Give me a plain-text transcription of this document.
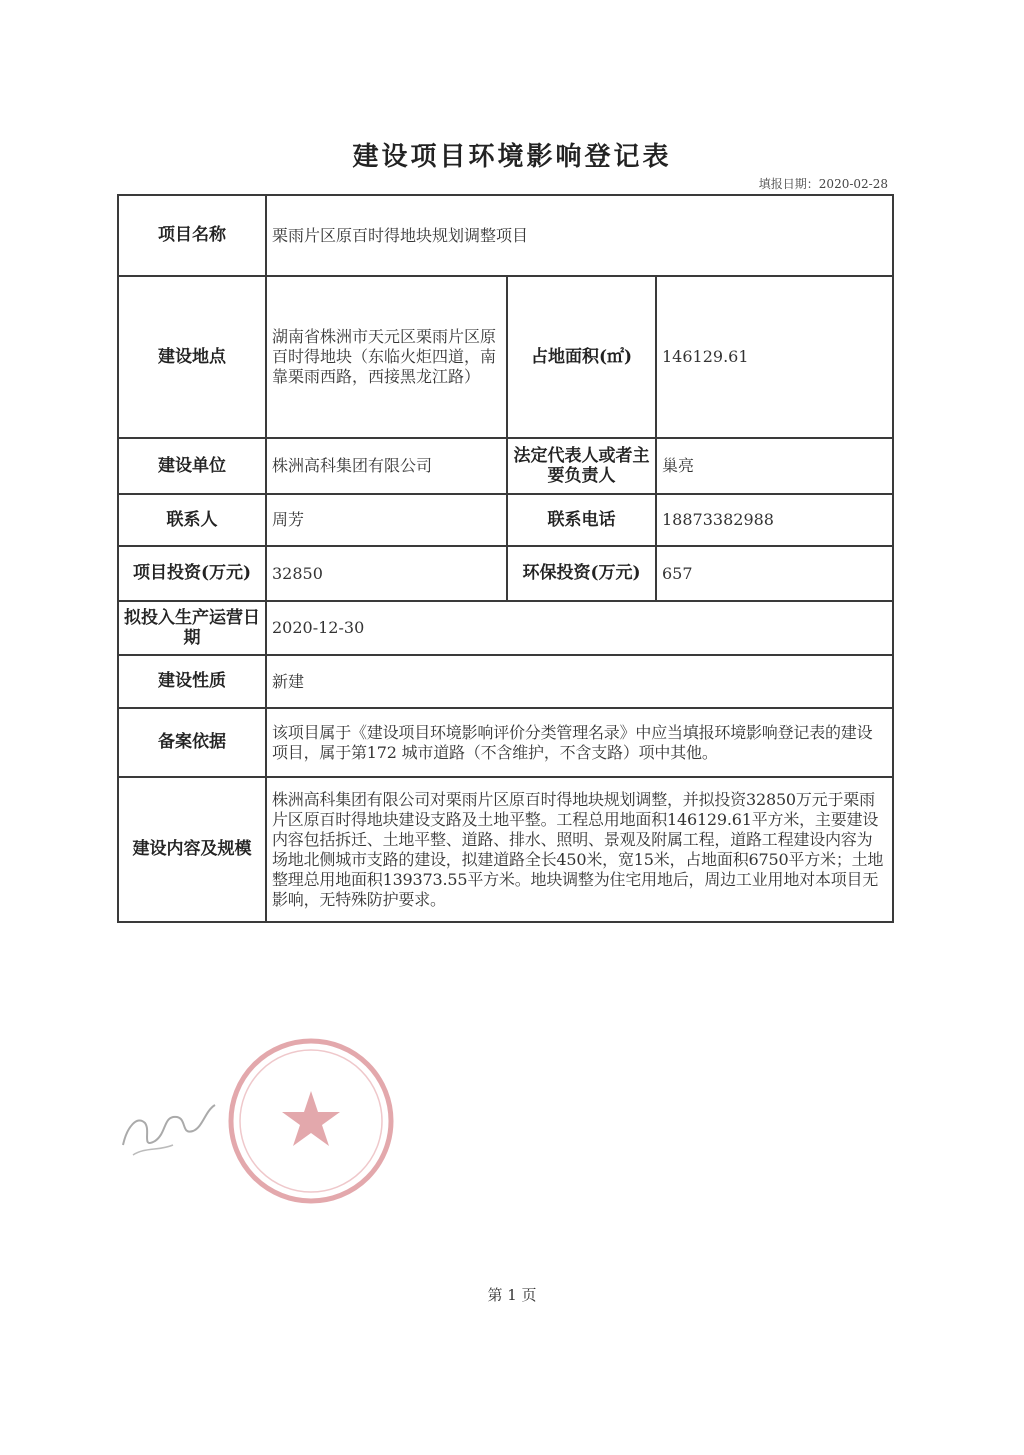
建设项目环境影响登记表
填报日期：2020-02-28
项目名称	栗雨片区原百时得地块规划调整项目		
建设地点	湖南省株洲市天元区栗雨片区原百时得地块（东临火炬四道，南靠栗雨西路，西接黑龙江路）	占地面积(㎡)	146129.61
建设单位	株洲高科集团有限公司	法定代表人或者主要负责人	巢亮
联系人	周芳	联系电话	18873382988
项目投资(万元)	32850	环保投资(万元)	657
拟投入生产运营日期	2020-12-30		
建设性质	新建		
备案依据	该项目属于《建设项目环境影响评价分类管理名录》中应当填报环境影响登记表的建设项目，属于第172 城市道路（不含维护，不含支路）项中其他。		
建设内容及规模	株洲高科集团有限公司对栗雨片区原百时得地块规划调整，并拟投资32850万元于栗雨片区原百时得地块建设支路及土地平整。工程总用地面积146129.61平方米，主要建设内容包括拆迁、土地平整、道路、排水、照明、景观及附属工程，道路工程建设内容为场地北侧城市支路的建设，拟建道路全长450米，宽15米，占地面积6750平方米；土地整理总用地面积139373.55平方米。地块调整为住宅用地后，周边工业用地对本项目无影响，无特殊防护要求。		
第 1 页
